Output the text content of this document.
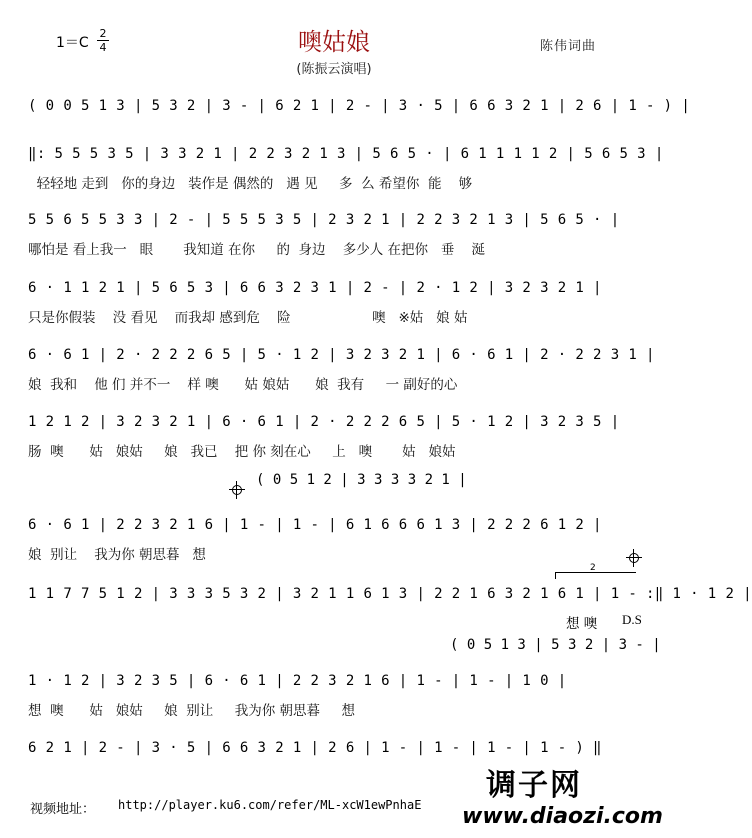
1＝C
2
4	噢姑娘
(陈振云演唱)
陈伟词曲
( 0 0 5 1 3 | 5 3 2 | 3 - | 6 2 1 | 2 - | 3 · 5 | 6 6 3 2 1 | 2 6 | 1 - ) |
‖: 5 5 5 3 5 | 3 3 2 1 | 2 2 3 2 1 3 | 5 6 5 · | 6 1 1 1 1 2 | 5 6 5 3 |
轻轻地 走到   你的身边   装作是 偶然的   遇 见     多  么 希望你  能    够
5 5 6 5 5 3 3 | 2 - | 5 5 5 3 5 | 2 3 2 1 | 2 2 3 2 1 3 | 5 6 5 · |
哪怕是 看上我一   眼       我知道 在你     的  身边    多少人 在把你   垂    涎
6 · 1 1 2 1 | 5 6 5 3 | 6 6 3 2 3 1 | 2 - | 2 · 1 2 | 3 2 3 2 1 |
只是你假装    没 看见    而我却 感到危    险                   噢   ※姑   娘 姑
6 · 6 1 | 2 · 2 2 2 6 5 | 5 · 1 2 | 3 2 3 2 1 | 6 · 6 1 | 2 · 2 2 3 1 |
娘  我和    他 们 并不一    样 噢      姑 娘姑      娘  我有     一 副好的心
1 2 1 2 | 3 2 3 2 1 | 6 · 6 1 | 2 · 2 2 2 6 5 | 5 · 1 2 | 3 2 3 5 |
肠  噢      姑   娘姑     娘   我已    把 你 刻在心     上   噢       姑   娘姑
( 0 5 1 2 | 3 3 3 3 2 1 |
6 · 6 1 | 2 2 3 2 1 6 | 1 - | 1 - | 6 1 6 6 6 1 3 | 2 2 2 6 1 2 |
娘  别让    我为你 朝思暮   想
2
1 1 7 7 5 1 2 | 3 3 3 5 3 2 | 3 2 1 1 6 1 3 | 2 2 1 6 3 2 1 6 1 | 1 - :‖ 1 · 1 2 |
想 噢 D.S
( 0 5 1 3 | 5 3 2 | 3 - |
1 · 1 2 | 3 2 3 5 | 6 · 6 1 | 2 2 3 2 1 6 | 1 - | 1 - | 1 0 |
想  噢      姑   娘姑     娘  别让     我为你 朝思暮     想
6 2 1 | 2 - | 3 · 5 | 6 6 3 2 1 | 2 6 | 1 - | 1 - | 1 - | 1 - ) ‖
视频地址： http://player.ku6.com/refer/ML-xcW1ewPnhaE
调子网
www.diaozi.com
